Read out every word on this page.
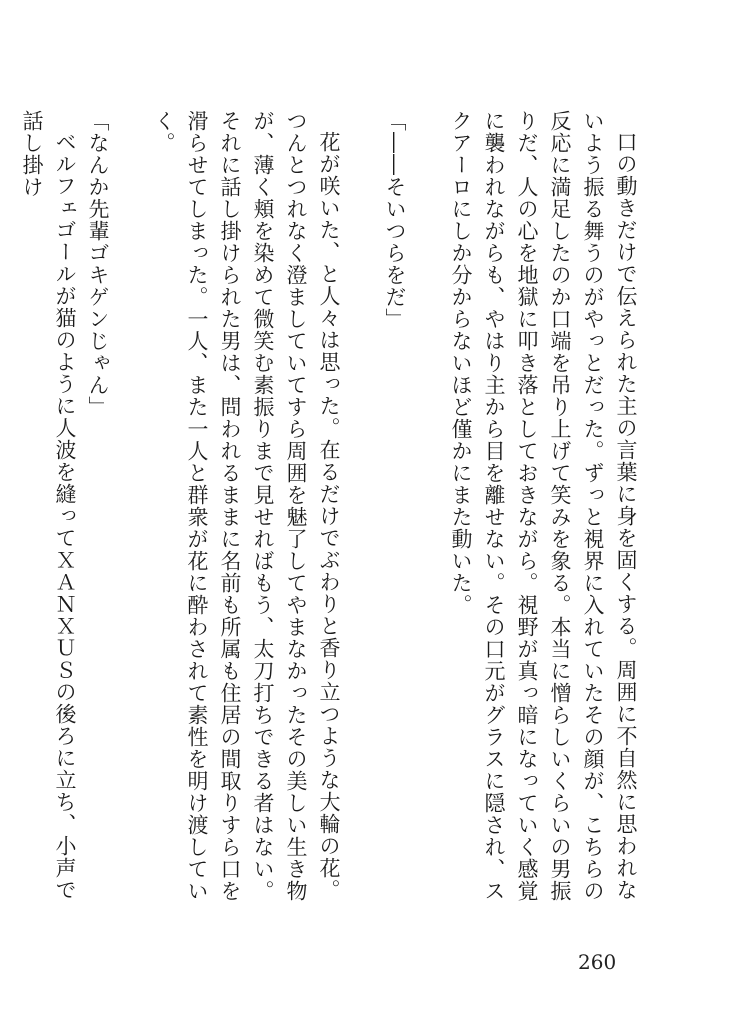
口の動きだけで伝えられた主の言葉に身を固くする。周囲に不自然に思われないよう振る舞うのがやっとだった。ずっと視界に入れていたその顔が、こちらの反応に満足したのか口端を吊り上げて笑みを象る。本当に憎らしいくらいの男振りだ、人の心を地獄に叩き落としておきながら。視野が真っ暗になっていく感覚に襲われながらも、やはり主から目を離せない。その口元がグラスに隠され、スクアーロにしか分からないほど僅かにまた動いた。

「――そいつらをだ」

花が咲いた、と人々は思った。在るだけでぶわりと香り立つような大輪の花。つんとつれなく澄ましていてすら周囲を魅了してやまなかったその美しい生き物が、薄く頬を染めて微笑む素振りまで見せればもう、太刀打ちできる者はない。それに話し掛けられた男は、問われるままに名前も所属も住居の間取りすら口を滑らせてしまった。一人、また一人と群衆が花に酔わされて素性を明け渡していく。

「なんか先輩ゴキゲンじゃん」

ベルフェゴールが猫のように人波を縫ってＸＡＮＸＵＳの後ろに立ち、小声で話し掛け

260
